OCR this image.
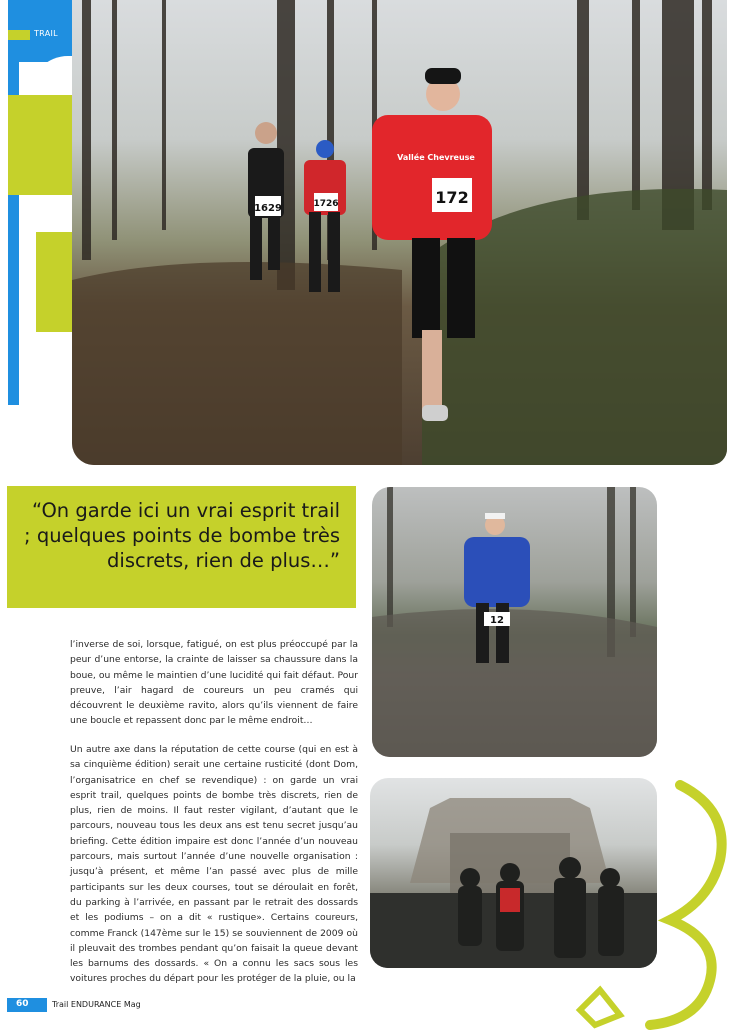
TRAIL
1629	1726
Vallée Chevreuse
172
“On garde ici un vrai esprit trail ; quelques points de bombe très discrets, rien de plus…”
12
l’inverse de soi, lorsque, fatigué, on est plus préoccupé par la peur d’une entorse, la crainte de laisser sa chaussure dans la boue, ou même le maintien d’une lucidité qui fait défaut. Pour preuve, l’air hagard de coureurs un peu cramés qui découvrent le deuxième ravito, alors qu’ils viennent de faire une boucle et repassent donc par le même endroit…
Un autre axe dans la réputation de cette course (qui en est à sa cinquième édition) serait une certaine rusticité (dont Dom, l’organisatrice en chef se revendique) : on garde un vrai esprit trail, quelques points de bombe très discrets, rien de plus, rien de moins. Il faut rester vigilant, d’autant que le parcours, nouveau tous les deux ans est tenu secret jusqu’au briefing. Cette édition impaire est donc l’année d’un nouveau parcours, mais surtout l’année d’une nouvelle organisation : jusqu’à présent, et même l’an passé avec plus de mille participants sur les deux courses, tout se déroulait en forêt, du parking à l’arrivée, en passant par le retrait des dossards et les podiums – on a dit « rustique». Certains coureurs, comme Franck (147ème sur le 15) se souviennent de 2009 où il pleuvait des trombes pendant qu’on faisait la queue devant les barnums des dossards. « On a connu les sacs sous les voitures proches du départ pour les protéger de la pluie, ou la
60	Trail ENDURANCE Mag
